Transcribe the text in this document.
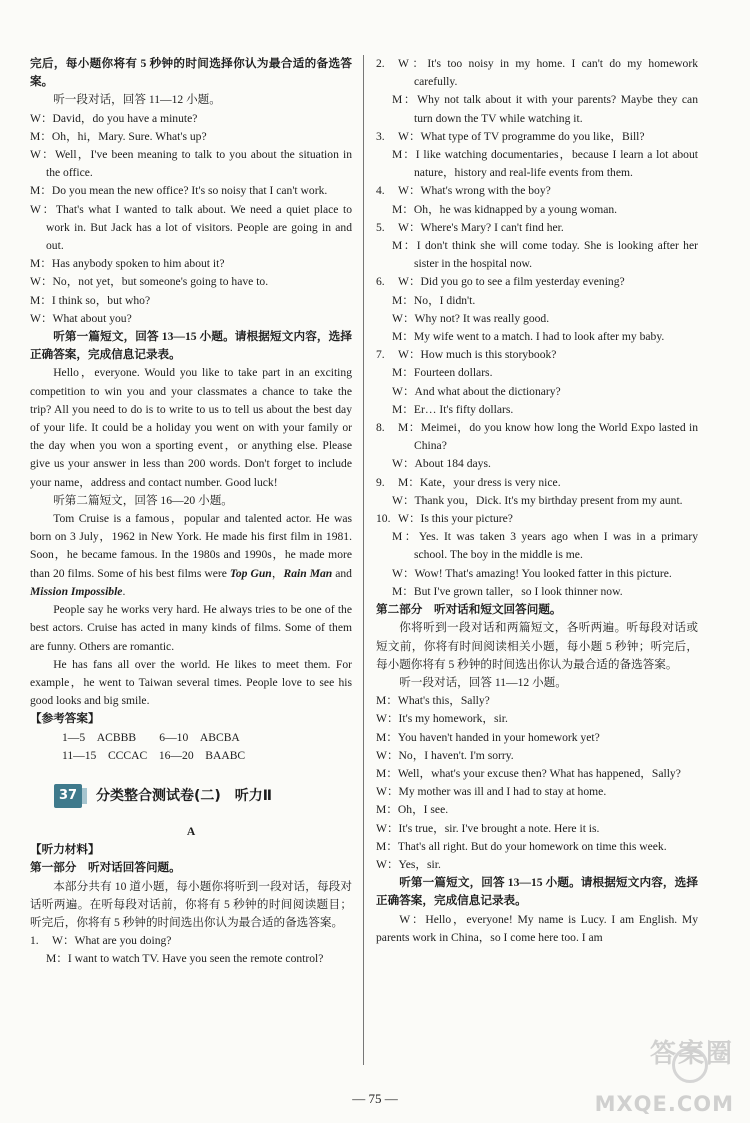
完后，每小题你将有 5 秒钟的时间选择你认为最合适的备选答案。

听一段对话，回答 11—12 小题。

W：David，do you have a minute?

M：Oh，hi，Mary. Sure. What's up?

W：Well，I've been meaning to talk to you about the situation in the office.

M：Do you mean the new office? It's so noisy that I can't work.

W：That's what I wanted to talk about. We need a quiet place to work in. But Jack has a lot of visitors. People are going in and out.

M：Has anybody spoken to him about it?

W：No，not yet，but someone's going to have to.

M：I think so，but who?

W：What about you?

听第一篇短文，回答 13—15 小题。请根据短文内容，选择正确答案，完成信息记录表。

Hello，everyone. Would you like to take part in an exciting competition to win you and your classmates a chance to take the trip? All you need to do is to write to us to tell us about the best day of your life. It could be a holiday you went on with your family or the day when you won a sporting event，or anything else. Please give us your answer in less than 200 words. Don't forget to include your name，address and contact number. Good luck!

听第二篇短文，回答 16—20 小题。

Tom Cruise is a famous，popular and talented actor. He was born on 3 July，1962 in New York. He made his first film in 1981. Soon，he became famous. In the 1980s and 1990s，he made more than 20 films. Some of his best films were Top Gun，Rain Man and Mission Impossible.

People say he works very hard. He always tries to be one of the best actors. Cruise has acted in many kinds of films. Some of them are funny. Others are romantic.

He has fans all over the world. He likes to meet them. For example，he went to Taiwan several times. People love to see his good looks and big smile.

【参考答案】

1—5　ACBBB　　6—10　ABCBA

11—15　CCCAC　16—20　BAABC

37	分类整合测试卷(二)　听力Ⅱ

A

【听力材料】

第一部分　听对话回答问题。

本部分共有 10 道小题，每小题你将听到一段对话，每段对话听两遍。在听每段对话前，你将有 5 秒钟的时间阅读题目；听完后，你将有 5 秒钟的时间选出你认为最合适的备选答案。

1. W：What are you doing?

M：I want to watch TV. Have you seen the remote control?

2. W：It's too noisy in my home. I can't do my homework carefully.

M：Why not talk about it with your parents? Maybe they can turn down the TV while watching it.

3. W：What type of TV programme do you like，Bill?

M：I like watching documentaries，because I learn a lot about nature，history and real-life events from them.

4. W：What's wrong with the boy?

M：Oh，he was kidnapped by a young woman.

5. W：Where's Mary? I can't find her.

M：I don't think she will come today. She is looking after her sister in the hospital now.

6. W：Did you go to see a film yesterday evening?

M：No，I didn't.

W：Why not? It was really good.

M：My wife went to a match. I had to look after my baby.

7. W：How much is this storybook?

M：Fourteen dollars.

W：And what about the dictionary?

M：Er… It's fifty dollars.

8. M：Meimei，do you know how long the World Expo lasted in China?

W：About 184 days.

9. M：Kate，your dress is very nice.

W：Thank you，Dick. It's my birthday present from my aunt.

10. W：Is this your picture?

M：Yes. It was taken 3 years ago when I was in a primary school. The boy in the middle is me.

W：Wow! That's amazing! You looked fatter in this picture.

M：But I've grown taller，so I look thinner now.

第二部分　听对话和短文回答问题。

你将听到一段对话和两篇短文，各听两遍。听每段对话或短文前，你将有时间阅读相关小题，每小题 5 秒钟；听完后，每小题你将有 5 秒钟的时间选出你认为最合适的备选答案。

听一段对话，回答 11—12 小题。

M：What's this，Sally?

W：It's my homework，sir.

M：You haven't handed in your homework yet?

W：No，I haven't. I'm sorry.

M：Well，what's your excuse then? What has happened，Sally?

W：My mother was ill and I had to stay at home.

M：Oh，I see.

W：It's true，sir. I've brought a note. Here it is.

M：That's all right. But do your homework on time this week.

W：Yes，sir.

听第一篇短文，回答 13—15 小题。请根据短文内容，选择正确答案，完成信息记录表。

W：Hello，everyone! My name is Lucy. I am English. My parents work in China，so I come here too. I am

— 75 —
答案圈
MXQE.COM
